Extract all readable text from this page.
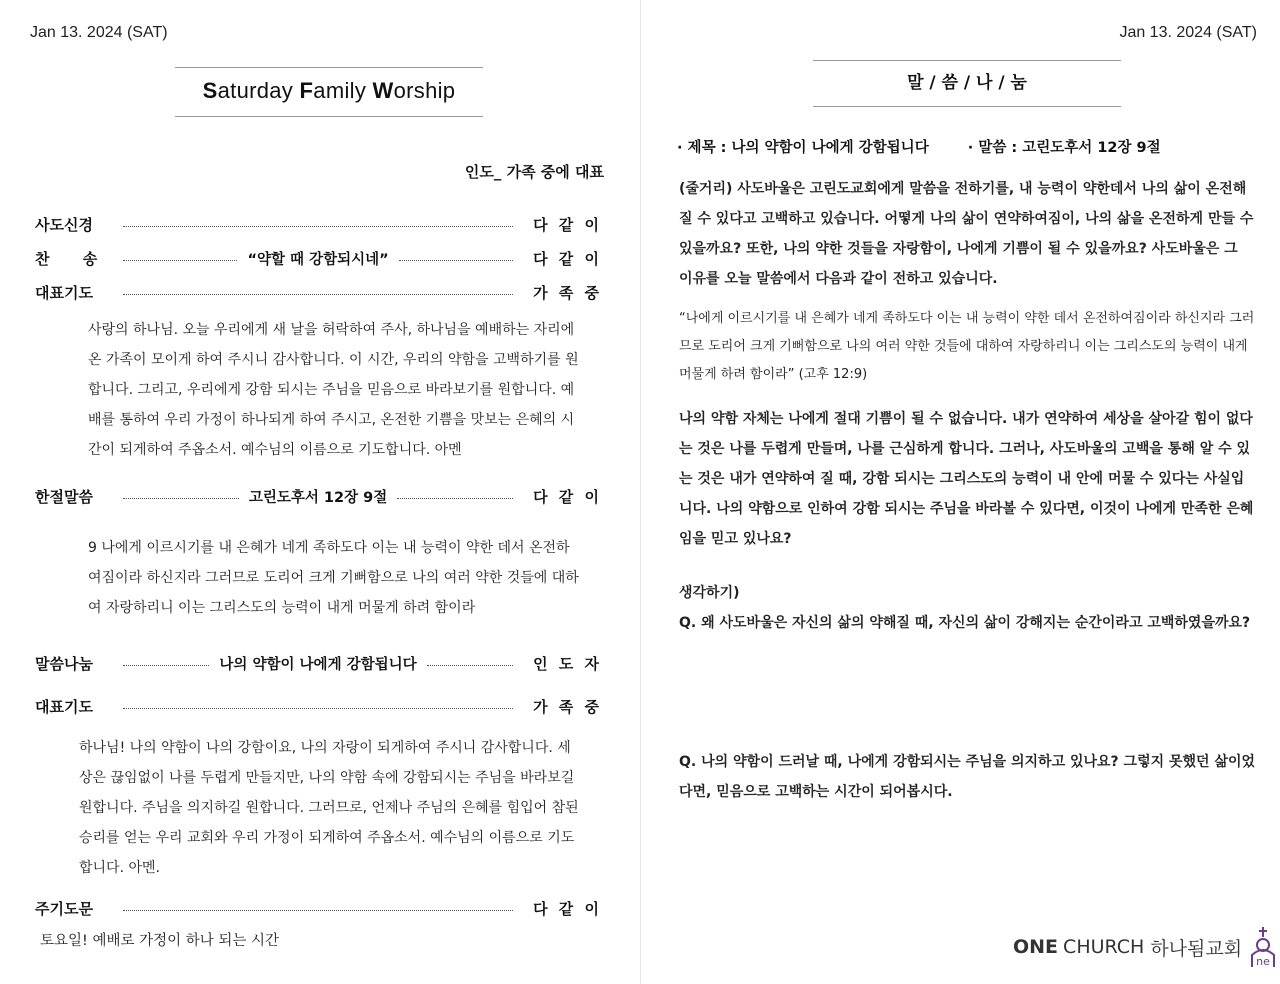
Jan 13. 2024 (SAT)
Saturday Family Worship
인도_ 가족 중에 대표
사도신경	다 같 이
찬 송	“약할 때 강함되시네”	다 같 이
대표기도	가 족 중
사랑의 하나님. 오늘 우리에게 새 날을 허락하여 주사, 하나님을 예배하는 자리에 온 가족이 모이게 하여 주시니 감사합니다. 이 시간, 우리의 약함을 고백하기를 원합니다. 그리고, 우리에게 강함 되시는 주님을 믿음으로 바라보기를 원합니다. 예배를 통하여 우리 가정이 하나되게 하여 주시고, 온전한 기쁨을 맛보는 은혜의 시간이 되게하여 주옵소서. 예수님의 이름으로 기도합니다. 아멘
한절말씀	고린도후서 12장 9절	다 같 이
9 나에게 이르시기를 내 은혜가 네게 족하도다 이는 내 능력이 약한 데서 온전하여짐이라 하신지라 그러므로 도리어 크게 기뻐함으로 나의 여러 약한 것들에 대하여 자랑하리니 이는 그리스도의 능력이 내게 머물게 하려 함이라
말씀나눔	나의 약함이 나에게 강함됩니다	인 도 자
대표기도	가 족 중
하나님! 나의 약함이 나의 강함이요, 나의 자랑이 되게하여 주시니 감사합니다. 세상은 끊임없이 나를 두렵게 만들지만, 나의 약함 속에 강함되시는 주님을 바라보길 원합니다. 주님을 의지하길 원합니다. 그러므로, 언제나 주님의 은혜를 힘입어 참된 승리를 얻는 우리 교회와 우리 가정이 되게하여 주옵소서. 예수님의 이름으로 기도합니다. 아멘.
주기도문	다 같 이
토요일! 예배로 가정이 하나 되는 시간
Jan 13. 2024 (SAT)
말 / 씀 / 나 / 눔
· 제목 : 나의 약함이 나에게 강함됩니다	· 말씀 : 고린도후서 12장 9절
(줄거리) 사도바울은 고린도교회에게 말씀을 전하기를, 내 능력이 약한데서 나의 삶이 온전해질 수 있다고 고백하고 있습니다. 어떻게 나의 삶이 연약하여짐이, 나의 삶을 온전하게 만들 수 있을까요? 또한, 나의 약한 것들을 자랑함이, 나에게 기쁨이 될 수 있을까요? 사도바울은 그 이유를 오늘 말씀에서 다음과 같이 전하고 있습니다.
“나에게 이르시기를 내 은혜가 네게 족하도다 이는 내 능력이 약한 데서 온전하여짐이라 하신지라 그러므로 도리어 크게 기뻐함으로 나의 여러 약한 것들에 대하여 자랑하리니 이는 그리스도의 능력이 내게 머물게 하려 함이라” (고후 12:9)
나의 약함 자체는 나에게 절대 기쁨이 될 수 없습니다. 내가 연약하여 세상을 살아갈 힘이 없다는 것은 나를 두렵게 만들며, 나를 근심하게 합니다. 그러나, 사도바울의 고백을 통해 알 수 있는 것은 내가 연약하여 질 때, 강함 되시는 그리스도의 능력이 내 안에 머물 수 있다는 사실입니다. 나의 약함으로 인하여 강함 되시는 주님을 바라볼 수 있다면, 이것이 나에게 만족한 은혜임을 믿고 있나요?
생각하기)
Q. 왜 사도바울은 자신의 삶의 약해질 때, 자신의 삶이 강해지는 순간이라고 고백하였을까요?
Q. 나의 약함이 드러날 때, 나에게 강함되시는 주님을 의지하고 있나요? 그렇지 못했던 삶이었다면, 믿음으로 고백하는 시간이 되어봅시다.
ONE CHURCH 하나됨교회
ne
